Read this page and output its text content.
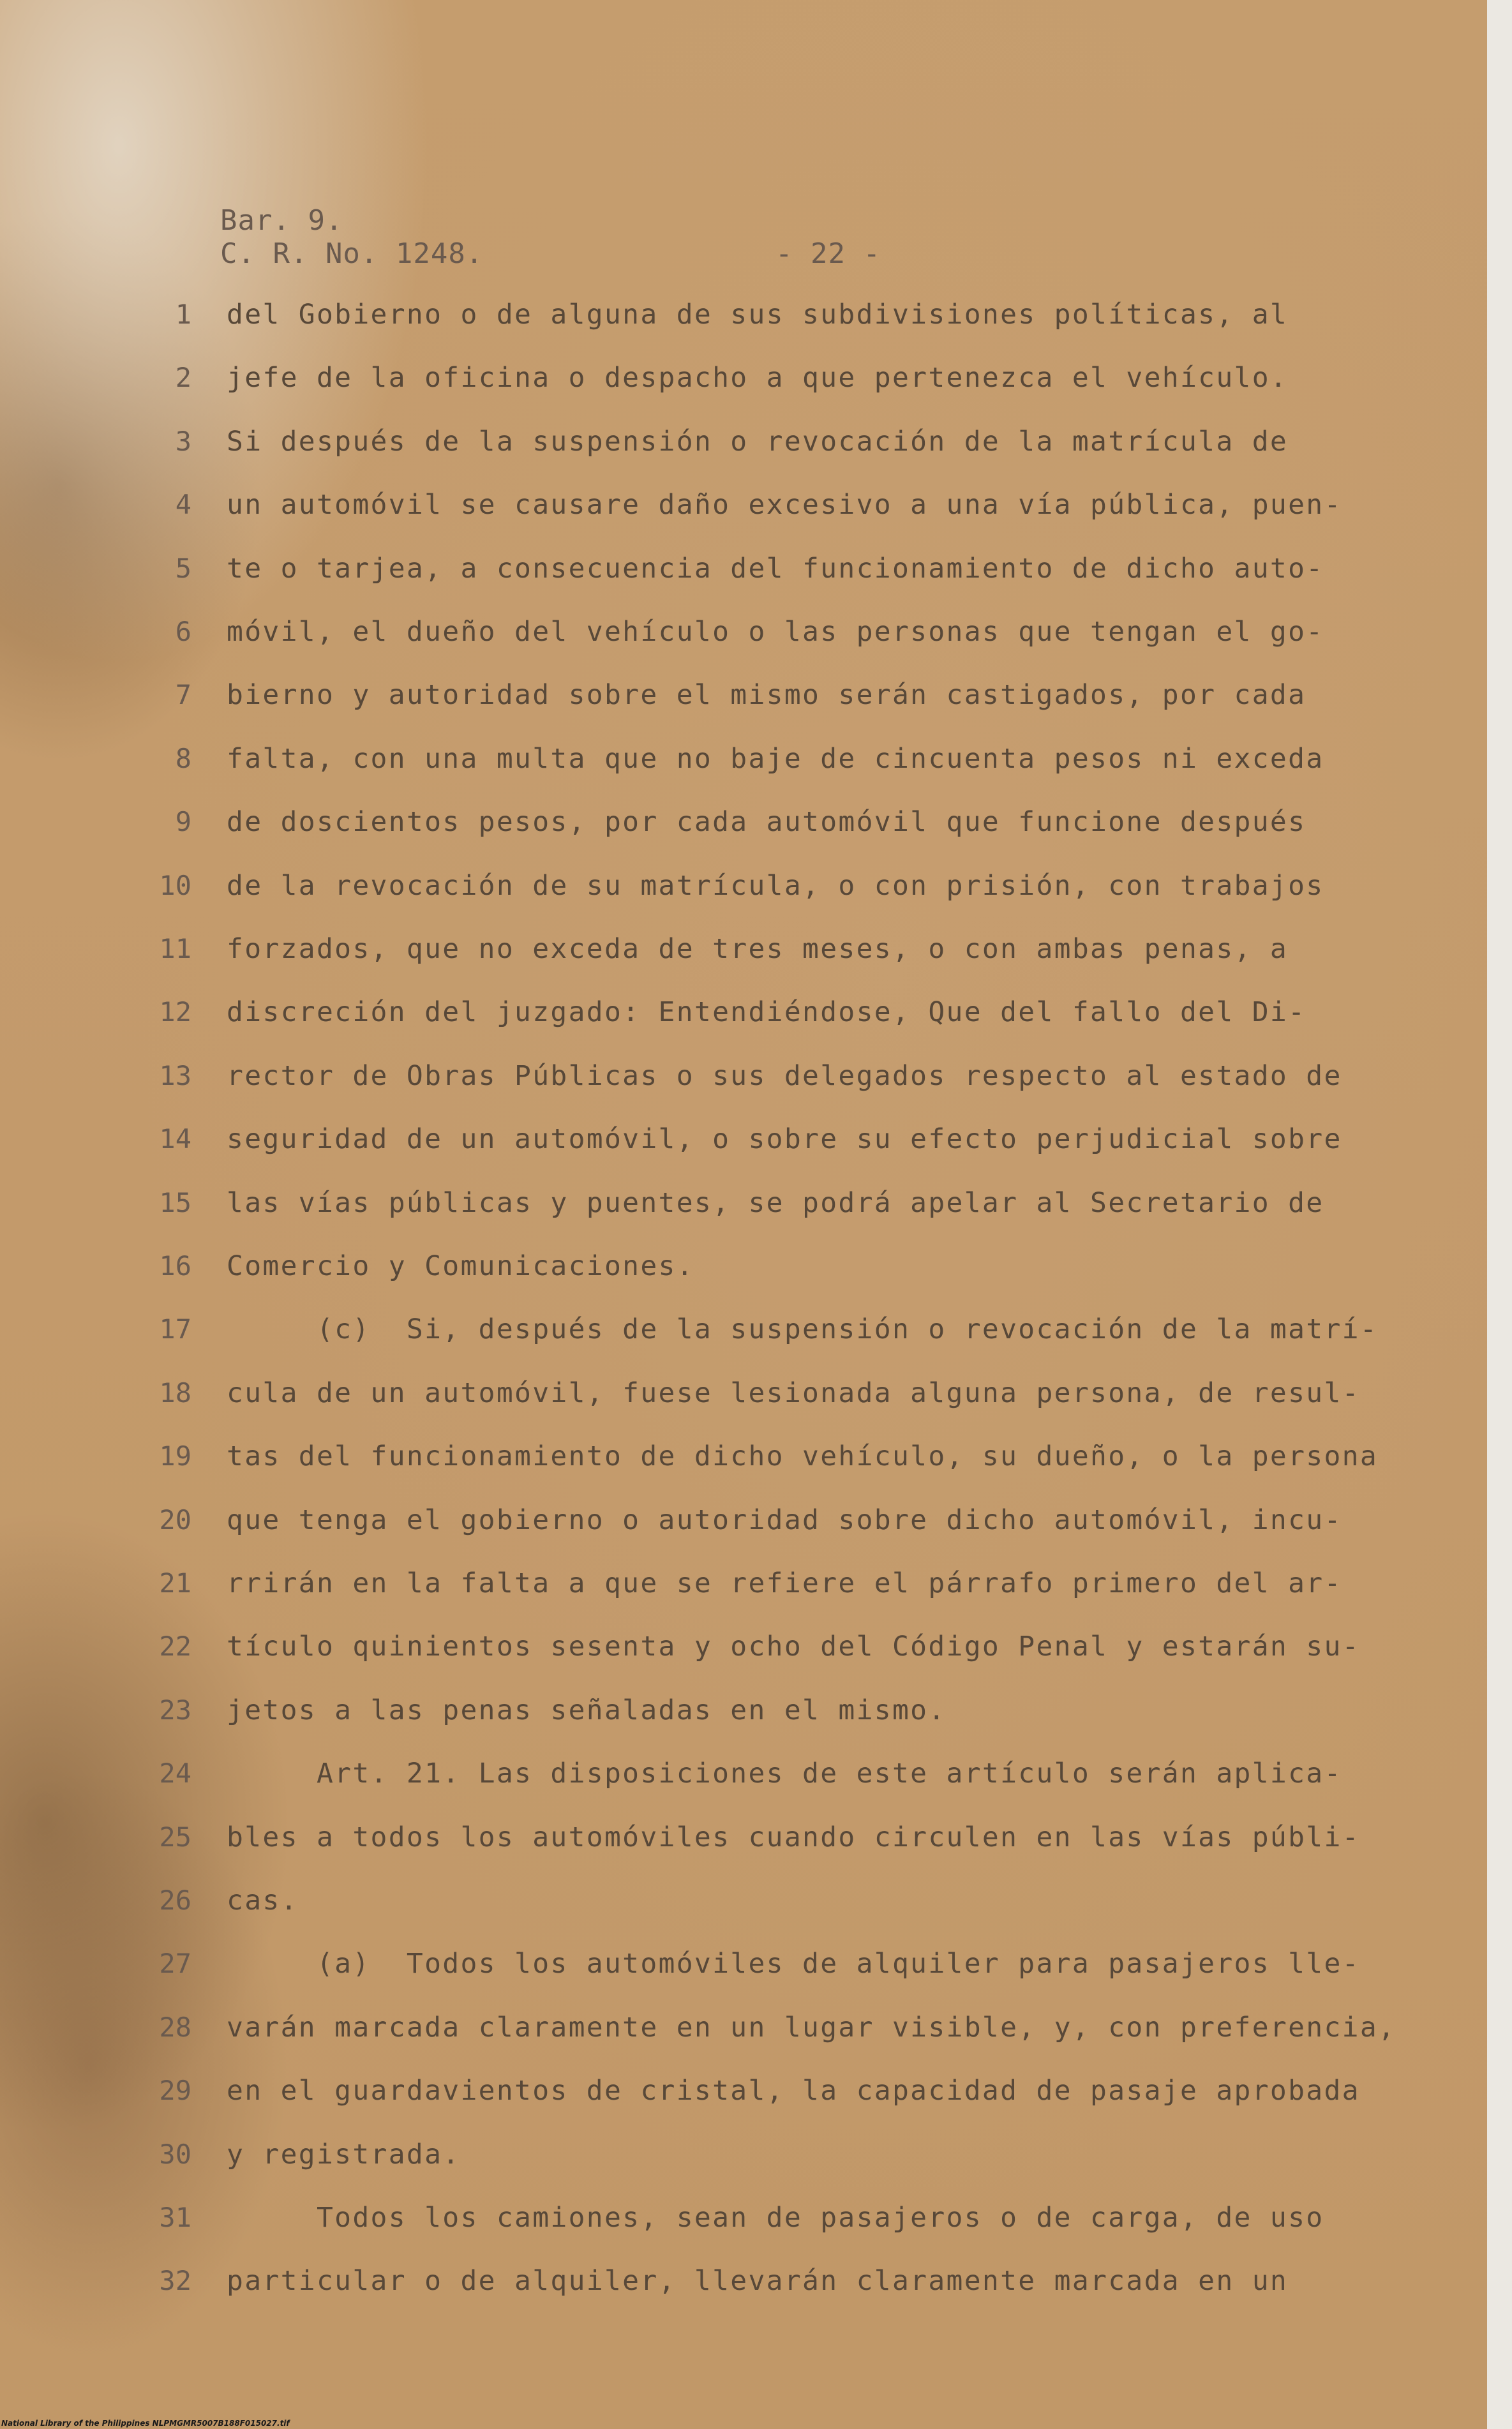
Bar. 9.
C. R. No. 1248.	- 22 -
1 del Gobierno o de alguna de sus subdivisiones políticas, al
2 jefe de la oficina o despacho a que pertenezca el vehículo.
3 Si después de la suspensión o revocación de la matrícula de
4 un automóvil se causare daño excesivo a una vía pública, puen-
5 te o tarjea, a consecuencia del funcionamiento de dicho auto-
6 móvil, el dueño del vehículo o las personas que tengan el go-
7 bierno y autoridad sobre el mismo serán castigados, por cada
8 falta, con una multa que no baje de cincuenta pesos ni exceda
9 de doscientos pesos, por cada automóvil que funcione después
10 de la revocación de su matrícula, o con prisión, con trabajos
11 forzados, que no exceda de tres meses, o con ambas penas, a
12 discreción del juzgado: Entendiéndose, Que del fallo del Di-
13 rector de Obras Públicas o sus delegados respecto al estado de
14 seguridad de un automóvil, o sobre su efecto perjudicial sobre
15 las vías públicas y puentes, se podrá apelar al Secretario de
16 Comercio y Comunicaciones.
17 (c)  Si, después de la suspensión o revocación de la matrí-
18 cula de un automóvil, fuese lesionada alguna persona, de resul-
19 tas del funcionamiento de dicho vehículo, su dueño, o la persona
20 que tenga el gobierno o autoridad sobre dicho automóvil, incu-
21 rrirán en la falta a que se refiere el párrafo primero del ar-
22 tículo quinientos sesenta y ocho del Código Penal y estarán su-
23 jetos a las penas señaladas en el mismo.
24 Art. 21. Las disposiciones de este artículo serán aplica-
25 bles a todos los automóviles cuando circulen en las vías públi-
26 cas.
27 (a)  Todos los automóviles de alquiler para pasajeros lle-
28 varán marcada claramente en un lugar visible, y, con preferencia,
29 en el guardavientos de cristal, la capacidad de pasaje aprobada
30 y registrada.
31 Todos los camiones, sean de pasajeros o de carga, de uso
32 particular o de alquiler, llevarán claramente marcada en un
National Library of the Philippines NLPMGMR5007B188F015027.tif
